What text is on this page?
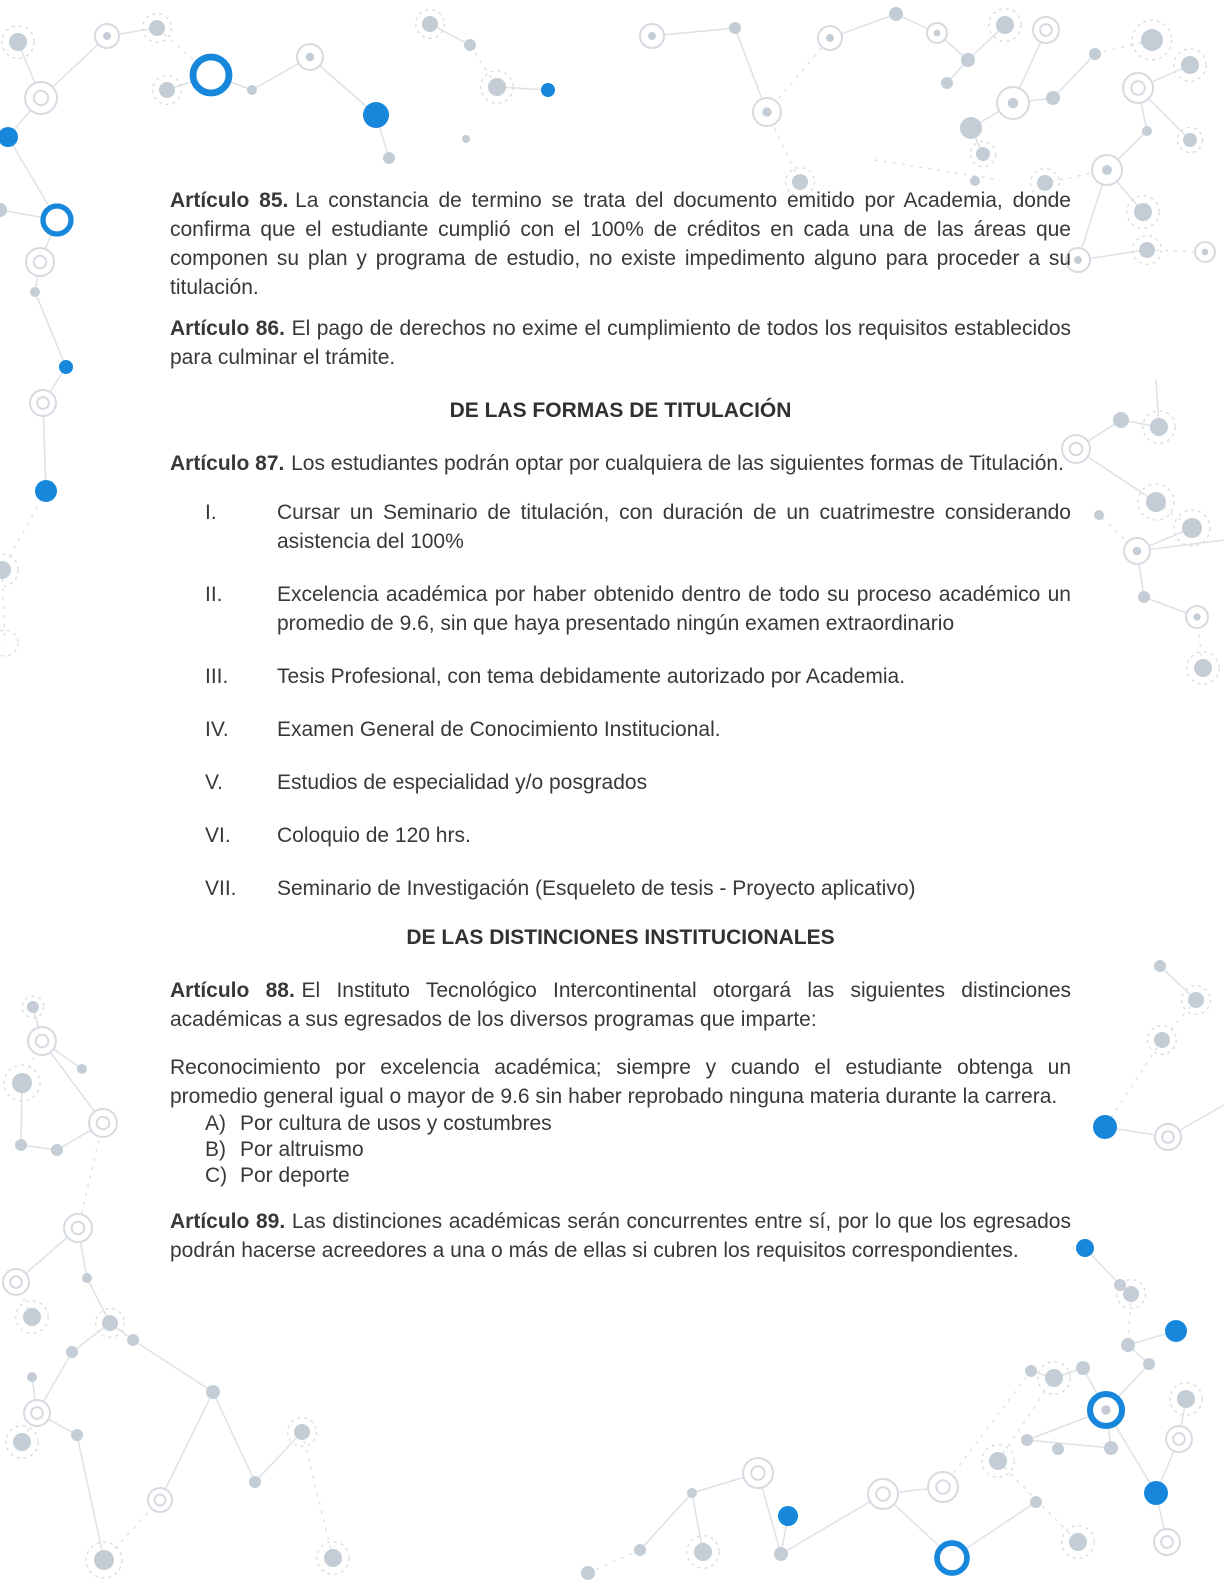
Artículo 85. La constancia de termino se trata del documento emitido por Academia, donde confirma que el estudiante cumplió con el 100% de créditos en cada una de las áreas que componen su plan y programa de estudio, no existe impedimento alguno para proceder a su titulación.

Artículo 86. El pago de derechos no exime el cumplimiento de todos los requisitos establecidos para culminar el trámite.

DE LAS FORMAS DE TITULACIÓN

Artículo 87. Los estudiantes podrán optar por cualquiera de las siguientes formas de Titulación.

I.	Cursar un Seminario de titulación, con duración de un cuatrimestre considerando asistencia del 100%
II.	Excelencia académica por haber obtenido dentro de todo su proceso académico un promedio de 9.6, sin que haya presentado ningún examen extraordinario
III.	Tesis Profesional, con tema debidamente autorizado por Academia.
IV.	Examen General de Conocimiento Institucional.
V.	Estudios de especialidad y/o posgrados
VI.	Coloquio de 120 hrs.
VII.	Seminario de Investigación (Esqueleto de tesis - Proyecto aplicativo)
DE LAS DISTINCIONES INSTITUCIONALES

Artículo 88. El Instituto Tecnológico Intercontinental otorgará las siguientes distinciones académicas a sus egresados de los diversos programas que imparte:

Reconocimiento por excelencia académica; siempre y cuando el estudiante obtenga un promedio general igual o mayor de 9.6 sin haber reprobado ninguna materia durante la carrera.

A) Por cultura de usos y costumbres
B) Por altruismo
C) Por deporte

Artículo 89. Las distinciones académicas serán concurrentes entre sí, por lo que los egresados podrán hacerse acreedores a una o más de ellas si cubren los requisitos correspondientes.
